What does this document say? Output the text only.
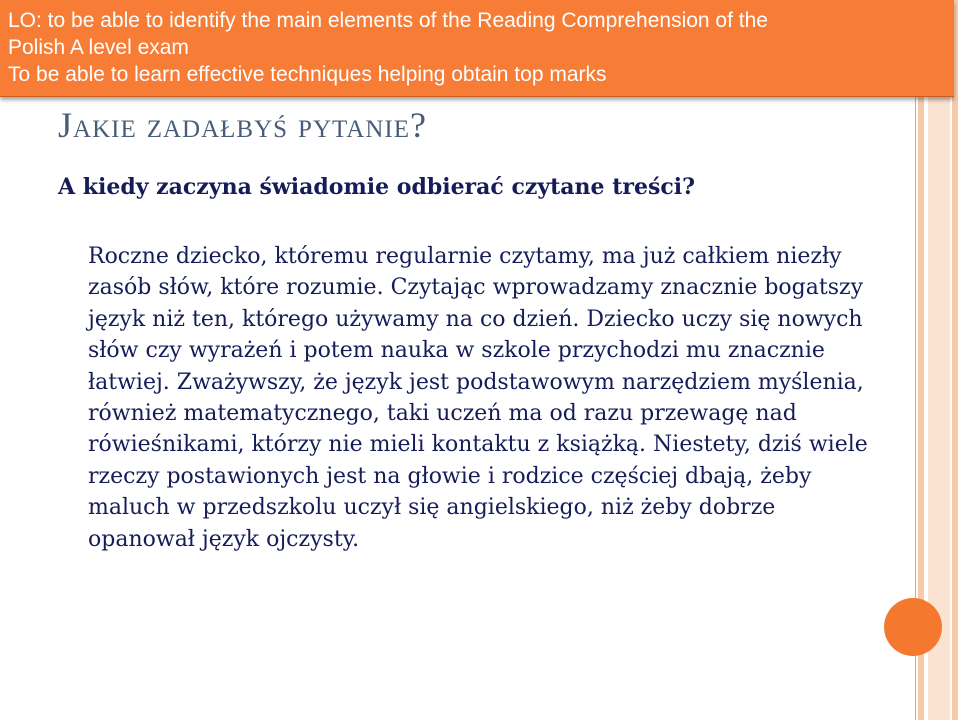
LO: to be able to identify the main elements of the Reading Comprehension of the
Polish A level exam
To be able to learn effective techniques helping obtain top marks
Jakie zadałbyś pytanie?

A kiedy zaczyna świadomie odbierać czytane treści?

Roczne dziecko, któremu regularnie czytamy, ma już całkiem niezły zasób słów, które rozumie. Czytając wprowadzamy znacznie bogatszy język niż ten, którego używamy na co dzień. Dziecko uczy się nowych słów czy wyrażeń i potem nauka w szkole przychodzi mu znacznie łatwiej. Zważywszy, że język jest podstawowym narzędziem myślenia, również matematycznego, taki uczeń ma od razu przewagę nad rówieśnikami, którzy nie mieli kontaktu z książką. Niestety, dziś wiele rzeczy postawionych jest na głowie i rodzice częściej dbają, żeby maluch w przedszkolu uczył się angielskiego, niż żeby dobrze opanował język ojczysty.
